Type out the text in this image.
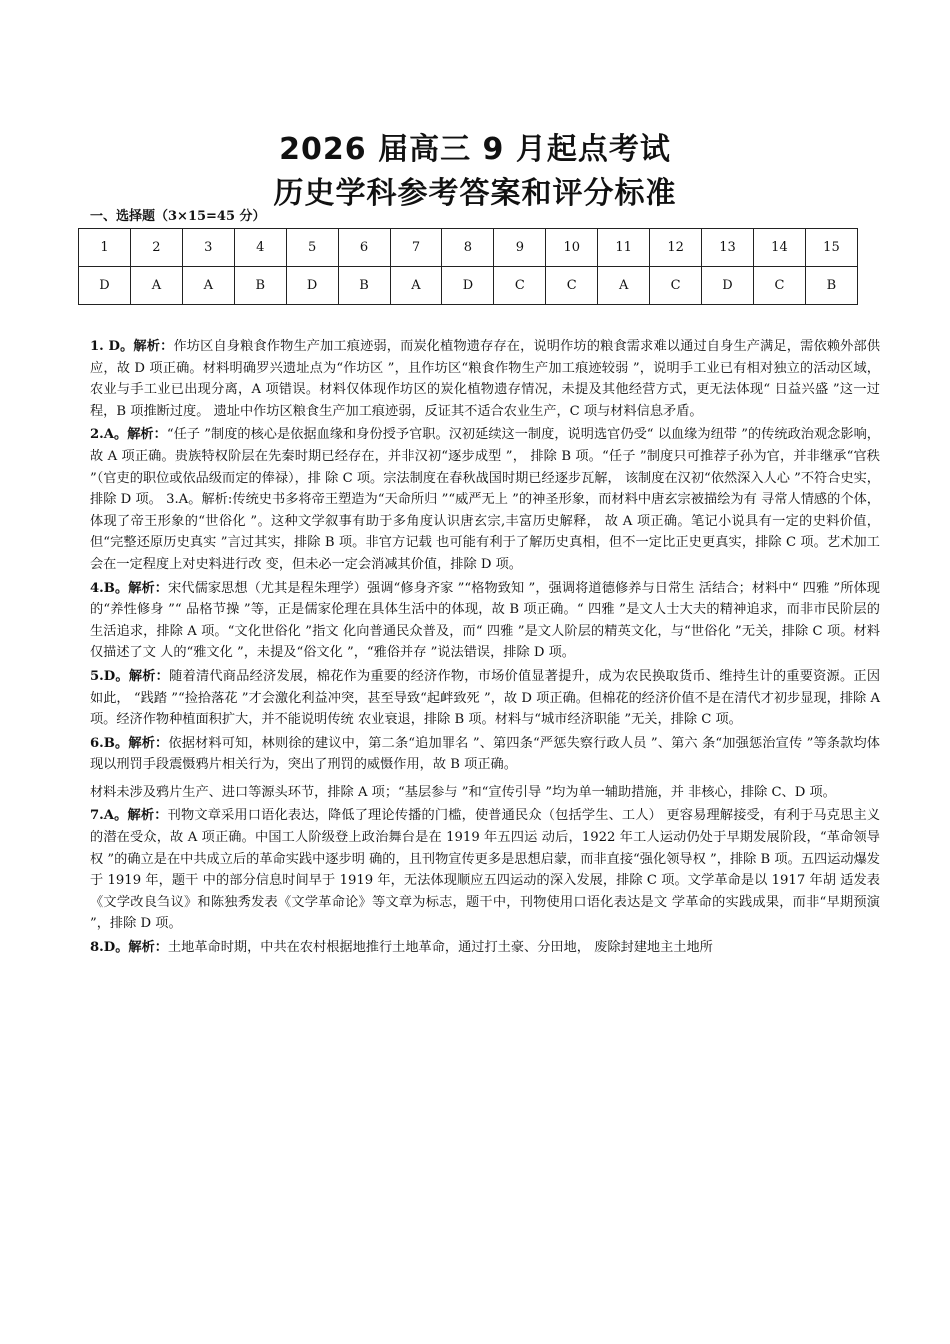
2026 届高三 9 月起点考试
历史学科参考答案和评分标准
一、选择题（3×15=45 分）
1	2	3	4	5	6	7	8	9	10	11	12	13	14	15
D	A	A	B	D	B	A	D	C	C	A	C	D	C	B

1. D。解析：作坊区自身粮食作物生产加工痕迹弱，而炭化植物遗存存在，说明作坊的粮食需求难以通过自身生产满足，需依赖外部供应，故 D 项正确。材料明确罗兴遗址点为“作坊区 ”，且作坊区“粮食作物生产加工痕迹较弱 ”，说明手工业已有相对独立的活动区域，农业与手工业已出现分离，A 项错误。材料仅体现作坊区的炭化植物遗存情况，未提及其他经营方式，更无法体现“ 日益兴盛 ”这一过程，B 项推断过度。 遗址中作坊区粮食生产加工痕迹弱，反证其不适合农业生产，C 项与材料信息矛盾。

2.A。解析：“任子 ”制度的核心是依据血缘和身份授予官职。汉初延续这一制度，说明选官仍受“ 以血缘为纽带 ”的传统政治观念影响，故 A 项正确。贵族特权阶层在先秦时期已经存在，并非汉初“逐步成型 ”， 排除 B 项。“任子 ”制度只可推荐子孙为官，并非继承“官秩 ”（官吏的职位或依品级而定的俸禄），排 除 C 项。宗法制度在春秋战国时期已经逐步瓦解， 该制度在汉初“依然深入人心 ”不符合史实，排除 D 项。 3.A。解析:传统史书多将帝王塑造为“天命所归 ”“威严无上 ”的神圣形象，而材料中唐玄宗被描绘为有 寻常人情感的个体，体现了帝王形象的“世俗化 ”。这种文学叙事有助于多角度认识唐玄宗,丰富历史解释， 故 A 项正确。笔记小说具有一定的史料价值，但“完整还原历史真实 ”言过其实，排除 B 项。非官方记载 也可能有利于了解历史真相，但不一定比正史更真实，排除 C 项。艺术加工会在一定程度上对史料进行改 变，但未必一定会消减其价值，排除 D 项。

4.B。解析：宋代儒家思想（尤其是程朱理学）强调“修身齐家 ”“格物致知 ”，强调将道德修养与日常生 活结合；材料中“ 四雅 ”所体现的“养性修身 ”“ 品格节操 ”等，正是儒家伦理在具体生活中的体现，故 B 项正确。“ 四雅 ”是文人士大夫的精神追求，而非市民阶层的生活追求，排除 A 项。“文化世俗化 ”指文 化向普通民众普及，而“ 四雅 ”是文人阶层的精英文化，与“世俗化 ”无关，排除 C 项。材料仅描述了文 人的“雅文化 ”，未提及“俗文化 ”，“雅俗并存 ”说法错误，排除 D 项。

5.D。解析：随着清代商品经济发展，棉花作为重要的经济作物，市场价值显著提升，成为农民换取货币、维持生计的重要资源。正因如此， “践踏 ”“捡拾落花 ”才会激化利益冲突，甚至导致“起衅致死 ”，故 D 项正确。但棉花的经济价值不是在清代才初步显现，排除 A 项。经济作物种植面积扩大，并不能说明传统 农业衰退，排除 B 项。材料与“城市经济职能 ”无关，排除 C 项。

6.B。解析：依据材料可知，林则徐的建议中，第二条“追加罪名 ”、第四条“严惩失察行政人员 ”、第六 条“加强惩治宣传 ”等条款均体现以刑罚手段震慑鸦片相关行为，突出了刑罚的威慑作用，故 B 项正确。

材料未涉及鸦片生产、进口等源头环节，排除 A 项；“基层参与 ”和“宣传引导 ”均为单一辅助措施，并 非核心，排除 C、D 项。

7.A。解析：刊物文章采用口语化表达，降低了理论传播的门槛，使普通民众（包括学生、工人） 更容易理解接受，有利于马克思主义的潜在受众，故 A 项正确。中国工人阶级登上政治舞台是在 1919 年五四运 动后，1922 年工人运动仍处于早期发展阶段，“革命领导权 ”的确立是在中共成立后的革命实践中逐步明 确的，且刊物宣传更多是思想启蒙，而非直接“强化领导权 ”，排除 B 项。五四运动爆发于 1919 年，题干 中的部分信息时间早于 1919 年，无法体现顺应五四运动的深入发展，排除 C 项。文学革命是以 1917 年胡 适发表《文学改良刍议》和陈独秀发表《文学革命论》等文章为标志，题干中，刊物使用口语化表达是文 学革命的实践成果，而非“早期预演 ”，排除 D 项。

8.D。解析：土地革命时期，中共在农村根据地推行土地革命，通过打土豪、分田地， 废除封建地主土地所
